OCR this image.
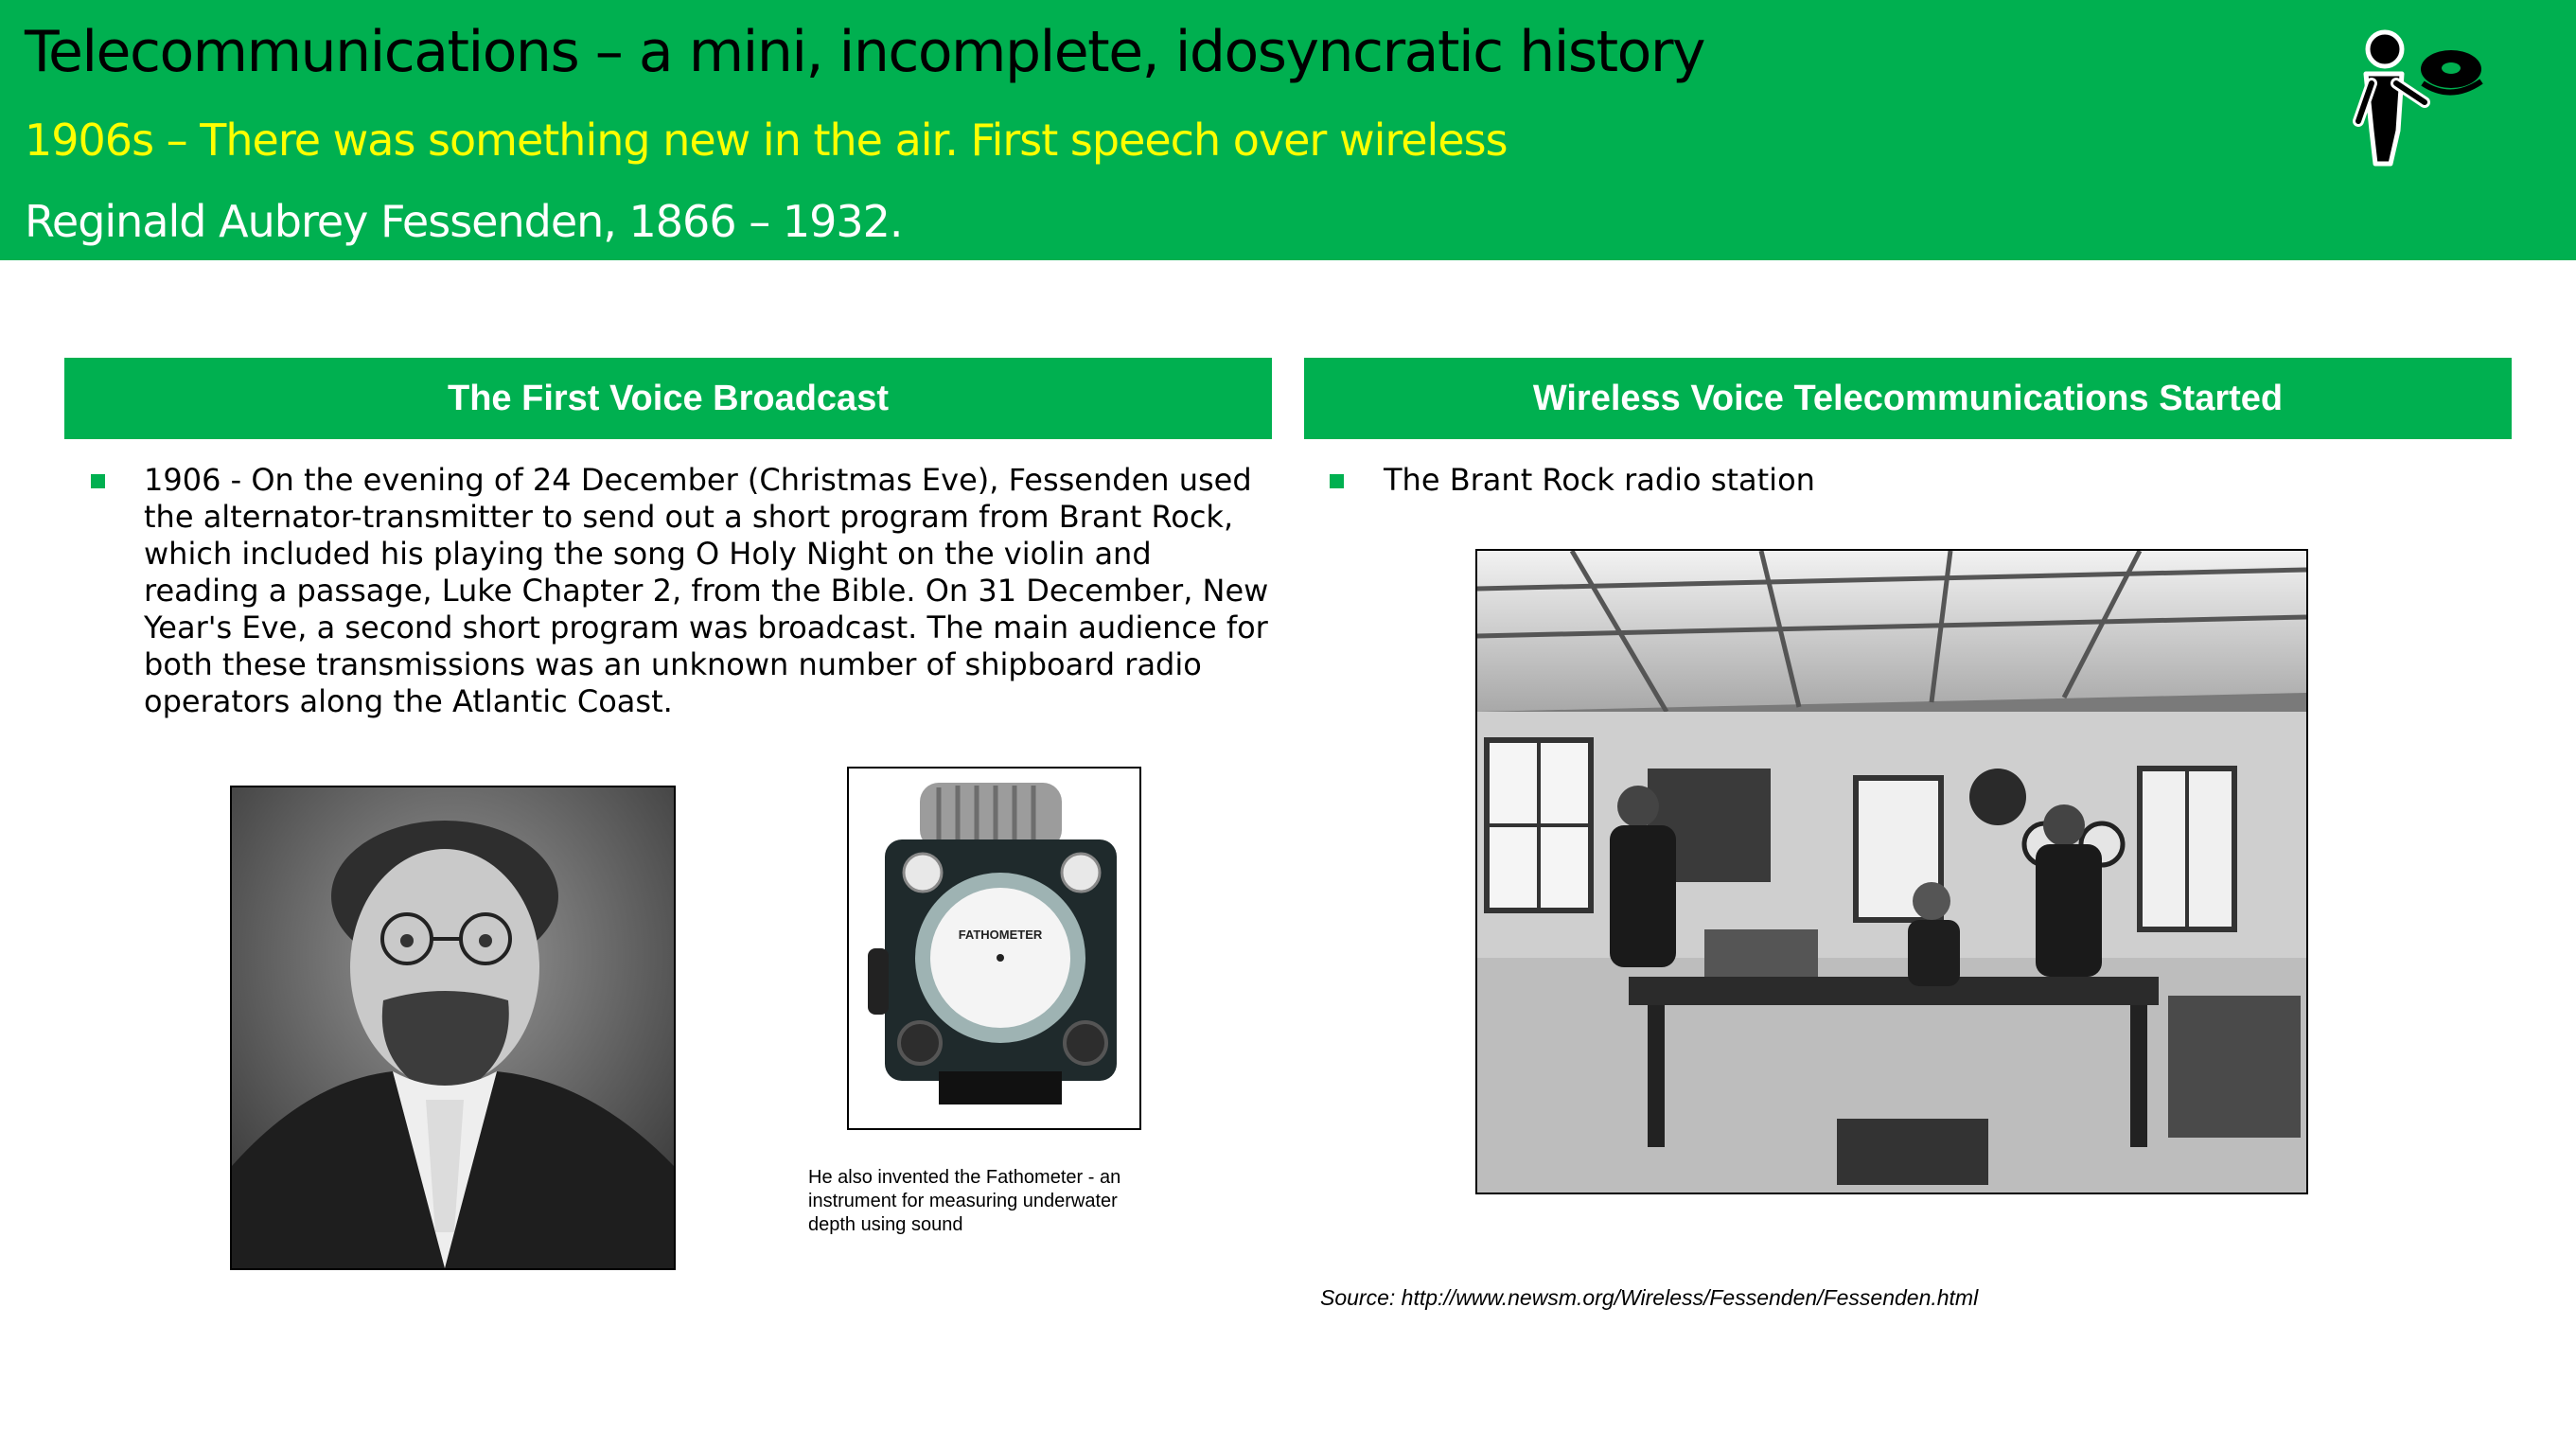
Telecommunications – a mini, incomplete, idosyncratic history
1906s – There was something new in the air. First speech over wireless
Reginald Aubrey Fessenden, 1866 – 1932.
The First Voice Broadcast
1906 - On the evening of 24 December (Christmas Eve), Fessenden used the alternator-transmitter to send out a short program from Brant Rock, which included his playing the song O Holy Night on the violin and reading a passage, Luke Chapter 2, from the Bible. On 31 December, New Year's Eve, a second short program was broadcast. The main audience for both these transmissions was an unknown number of shipboard radio operators along the Atlantic Coast.
FATHOMETER
He also invented the Fathometer - an instrument for measuring underwater depth using sound
Wireless Voice Telecommunications Started
The Brant Rock radio station
Source: http://www.newsm.org/Wireless/Fessenden/Fessenden.html
